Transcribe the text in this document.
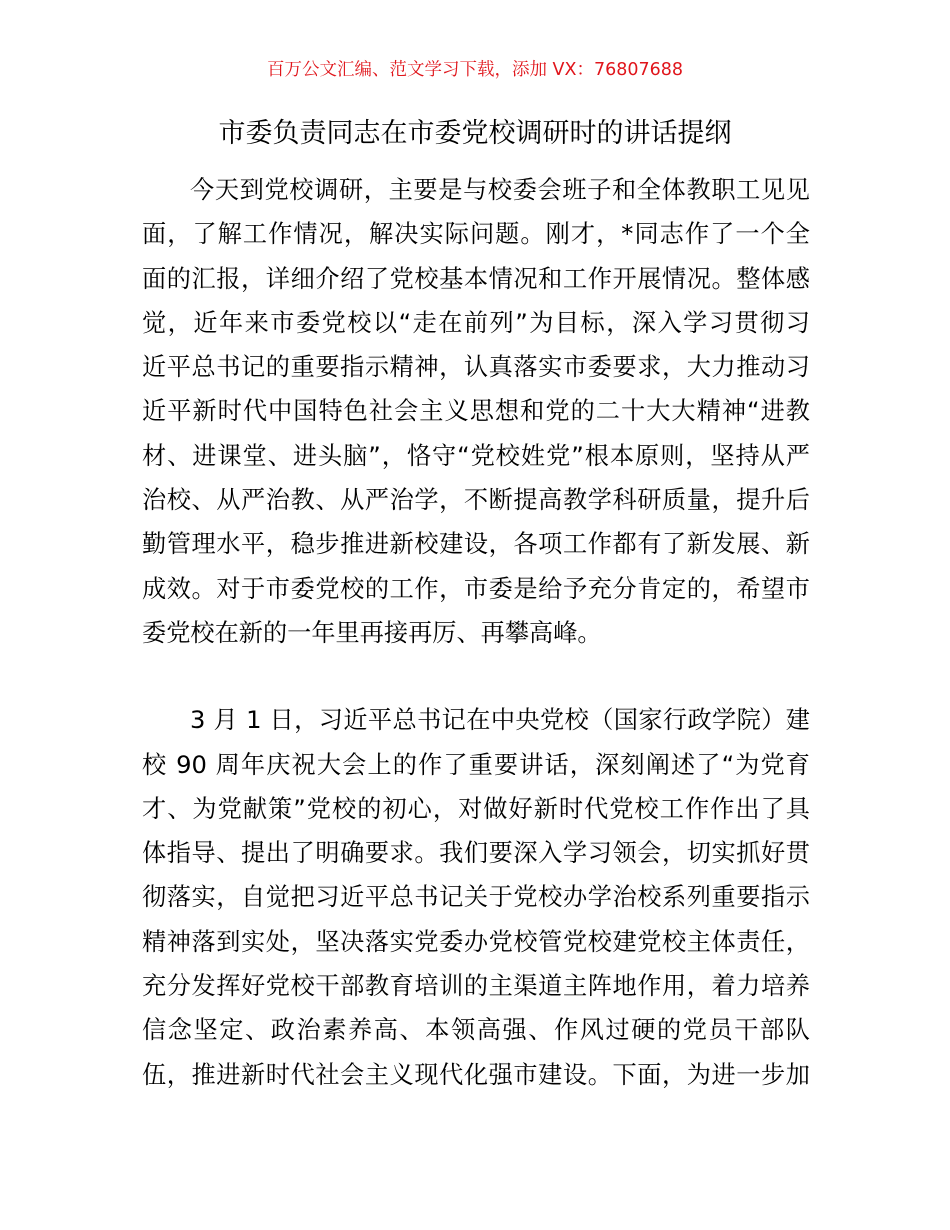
百万公文汇编、范文学习下载，添加 VX：76807688
市委负责同志在市委党校调研时的讲话提纲
今天到党校调研，主要是与校委会班子和全体教职工见见
面，了解工作情况，解决实际问题。刚才，*同志作了一个全
面的汇报，详细介绍了党校基本情况和工作开展情况。整体感
觉，近年来市委党校以“走在前列”为目标，深入学习贯彻习
近平总书记的重要指示精神，认真落实市委要求，大力推动习
近平新时代中国特色社会主义思想和党的二十大大精神“进教
材、进课堂、进头脑”，恪守“党校姓党”根本原则，坚持从严
治校、从严治教、从严治学，不断提高教学科研质量，提升后
勤管理水平，稳步推进新校建设，各项工作都有了新发展、新
成效。对于市委党校的工作，市委是给予充分肯定的，希望市
委党校在新的一年里再接再厉、再攀高峰。
3 月 1 日，习近平总书记在中央党校（国家行政学院）建
校 90 周年庆祝大会上的作了重要讲话，深刻阐述了“为党育
才、为党献策”党校的初心，对做好新时代党校工作作出了具
体指导、提出了明确要求。我们要深入学习领会，切实抓好贯
彻落实，自觉把习近平总书记关于党校办学治校系列重要指示
精神落到实处，坚决落实党委办党校管党校建党校主体责任，
充分发挥好党校干部教育培训的主渠道主阵地作用，着力培养
信念坚定、政治素养高、本领高强、作风过硬的党员干部队
伍，推进新时代社会主义现代化强市建设。下面，为进一步加
